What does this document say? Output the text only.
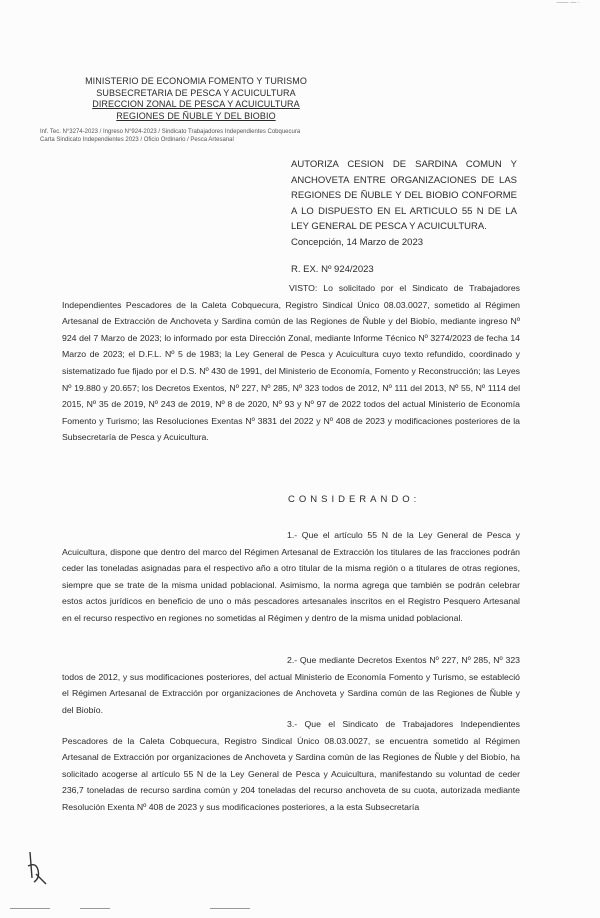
—— — ·
MINISTERIO DE ECONOMIA FOMENTO Y TURISMO
SUBSECRETARIA DE PESCA Y ACUICULTURA
DIRECCION ZONAL DE PESCA Y ACUICULTURA
REGIONES DE ÑUBLE Y DEL BIOBIO
Inf. Tec. N°3274-2023 / Ingreso N°924-2023 / Sindicato Trabajadores Independientes Cobquecura
Carta Sindicato Independientes 2023 / Oficio Ordinario / Pesca Artesanal
AUTORIZA CESION DE SARDINA COMUN Y ANCHOVETA ENTRE ORGANIZACIONES DE LAS REGIONES DE ÑUBLE Y DEL BIOBIO CONFORME A LO DISPUESTO EN EL ARTICULO 55 N DE LA LEY GENERAL DE PESCA Y ACUICULTURA.
Concepción, 14 Marzo de 2023
R. EX. Nº 924/2023
VISTO: Lo solicitado por el Sindicato de Trabajadores Independientes Pescadores de la Caleta Cobquecura, Registro Sindical Único 08.03.0027, sometido al Régimen Artesanal de Extracción de Anchoveta y Sardina común de las Regiones de Ñuble y del Biobío, mediante ingreso Nº 924 del 7 Marzo de 2023; lo informado por esta Dirección Zonal, mediante Informe Técnico Nº 3274/2023 de fecha 14 Marzo de 2023; el D.F.L. Nº 5 de 1983; la Ley General de Pesca y Acuicultura cuyo texto refundido, coordinado y sistematizado fue fijado por el D.S. Nº 430 de 1991, del Ministerio de Economía, Fomento y Reconstrucción; las Leyes Nº 19.880 y 20.657; los Decretos Exentos, Nº 227, Nº 285, Nº 323 todos de 2012, Nº 111 del 2013, Nº 55, Nº 1114 del 2015, Nº 35 de 2019, Nº 243 de 2019, Nº 8 de 2020, Nº 93 y Nº 97 de 2022 todos del actual Ministerio de Economía Fomento y Turismo; las Resoluciones Exentas Nº 3831 del 2022 y Nº 408 de 2023 y modificaciones posteriores de la Subsecretaría de Pesca y Acuicultura.
CONSIDERANDO:
1.- Que el artículo 55 N de la Ley General de Pesca y Acuicultura, dispone que dentro del marco del Régimen Artesanal de Extracción los titulares de las fracciones podrán ceder las toneladas asignadas para el respectivo año a otro titular de la misma región o a titulares de otras regiones, siempre que se trate de la misma unidad poblacional. Asimismo, la norma agrega que también se podrán celebrar estos actos jurídicos en beneficio de uno o más pescadores artesanales inscritos en el Registro Pesquero Artesanal en el recurso respectivo en regiones no sometidas al Régimen y dentro de la misma unidad poblacional.
2.- Que mediante Decretos Exentos Nº 227, Nº 285, Nº 323 todos de 2012, y sus modificaciones posteriores, del actual Ministerio de Economía Fomento y Turismo, se estableció el Régimen Artesanal de Extracción por organizaciones de Anchoveta y Sardina común de las Regiones de Ñuble y del Biobío.
3.- Que el Sindicato de Trabajadores Independientes Pescadores de la Caleta Cobquecura, Registro Sindical Único 08.03.0027, se encuentra sometido al Régimen Artesanal de Extracción por organizaciones de Anchoveta y Sardina común de las Regiones de Ñuble y del Biobío, ha solicitado acogerse al artículo 55 N de la Ley General de Pesca y Acuicultura, manifestando su voluntad de ceder 236,7 toneladas de recurso sardina común y 204 toneladas del recurso anchoveta de su cuota, autorizada mediante Resolución Exenta Nº 408 de 2023 y sus modificaciones posteriores, a la esta Subsecretaría
